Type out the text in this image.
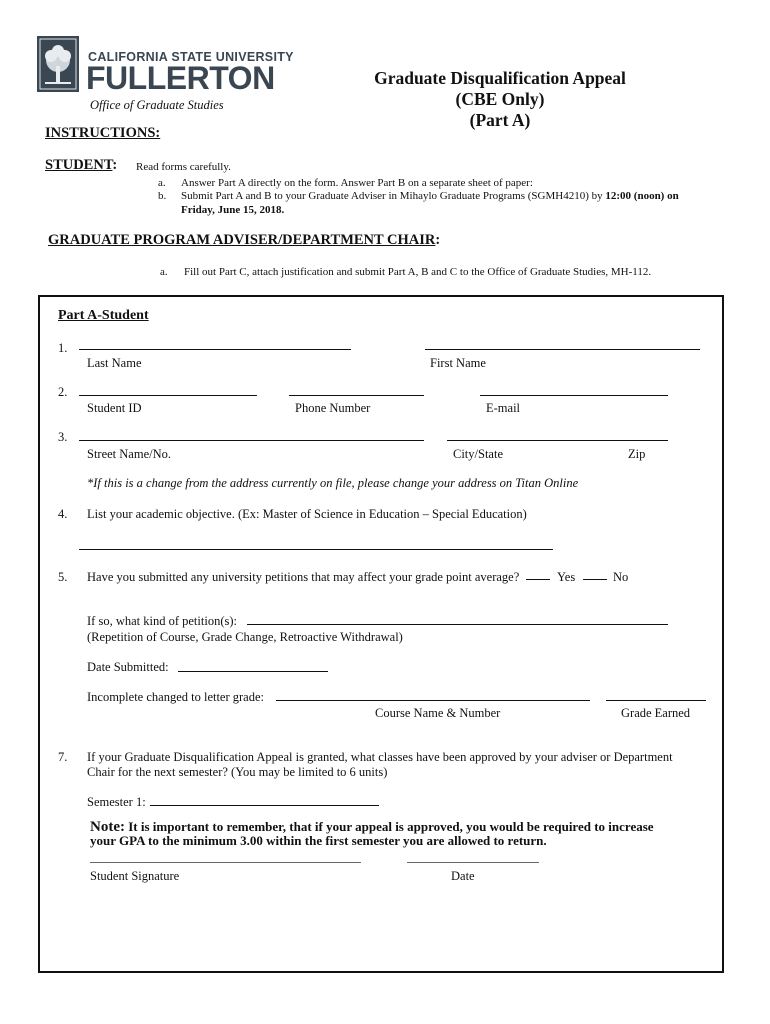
CALIFORNIA STATE UNIVERSITY
FULLERTON
Office of Graduate Studies
Graduate Disqualification Appeal
(CBE Only)
(Part A)
INSTRUCTIONS:
STUDENT: Read forms carefully.
a. Answer Part A directly on the form. Answer Part B on a separate sheet of paper:
b. Submit Part A and B to your Graduate Adviser in Mihaylo Graduate Programs (SGMH4210) by 12:00 (noon) on
Friday, June 15, 2018.
GRADUATE PROGRAM ADVISER/DEPARTMENT CHAIR:
a. Fill out Part C, attach justification and submit Part A, B and C to the Office of Graduate Studies, MH-112.
Part A-Student
1.
Last Name	First Name
2.
Student ID	Phone Number	E-mail
3.
Street Name/No.	City/State	Zip
*If this is a change from the address currently on file, please change your address on Titan Online
4. List your academic objective. (Ex: Master of Science in Education – Special Education)
5. Have you submitted any university petitions that may affect your grade point average?	Yes	No
If so, what kind of petition(s):
(Repetition of Course, Grade Change, Retroactive Withdrawal)
Date Submitted:
Incomplete changed to letter grade:
Course Name & Number	Grade Earned
7. If your Graduate Disqualification Appeal is granted, what classes have been approved by your adviser or Department
Chair for the next semester? (You may be limited to 6 units)
Semester 1:
Note: It is important to remember, that if your appeal is approved, you would be required to increase
your GPA to the minimum 3.00 within the first semester you are allowed to return.
Student Signature	Date
